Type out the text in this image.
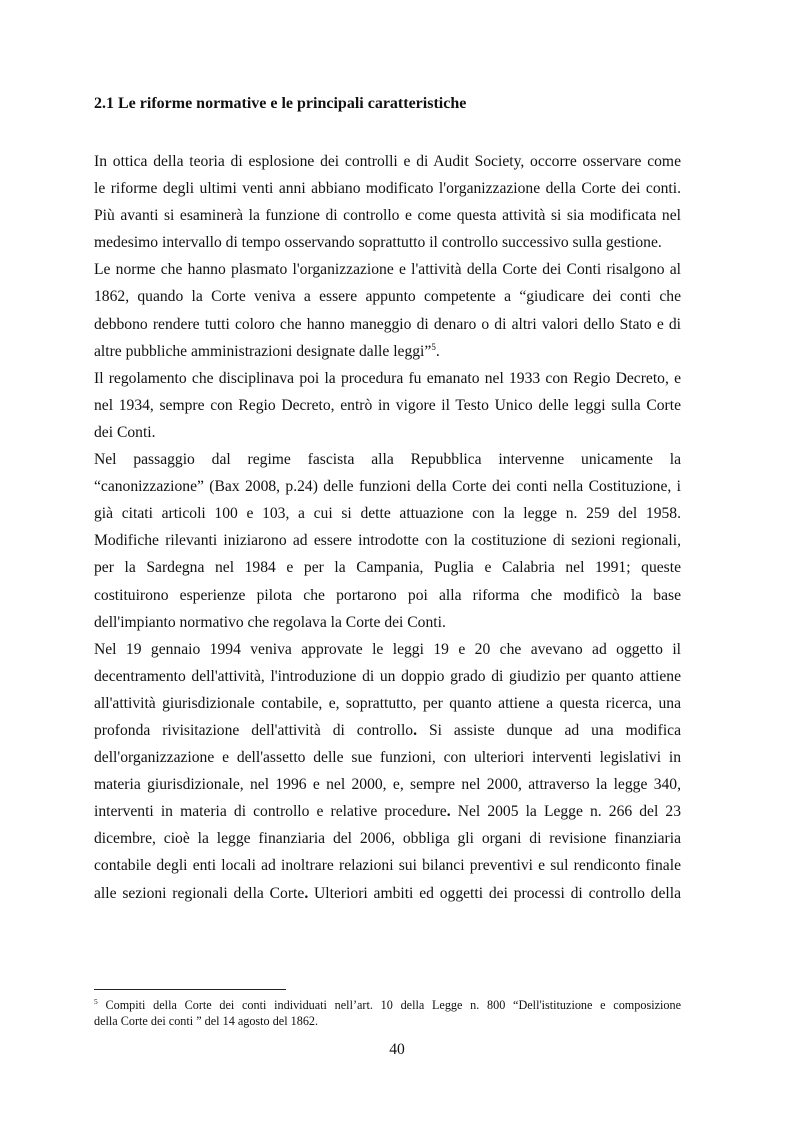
2.1 Le riforme normative e le principali caratteristiche
In ottica della teoria di esplosione dei controlli e di Audit Society, occorre osservare come
le riforme degli ultimi venti anni abbiano modificato l'organizzazione della Corte dei conti.
Più avanti si esaminerà la funzione di controllo e come questa attività si sia modificata nel
medesimo intervallo di tempo osservando soprattutto il controllo successivo sulla gestione.
Le norme che hanno plasmato l'organizzazione e l'attività della Corte dei Conti risalgono al
1862, quando la Corte veniva a essere appunto competente a “giudicare dei conti che
debbono rendere tutti coloro che hanno maneggio di denaro o di altri valori dello Stato e di
altre pubbliche amministrazioni designate dalle leggi”$^5$.
Il regolamento che disciplinava poi la procedura fu emanato nel 1933 con Regio Decreto, e
nel 1934, sempre con Regio Decreto, entrò in vigore il Testo Unico delle leggi sulla Corte
dei Conti.
Nel passaggio dal regime fascista alla Repubblica intervenne unicamente la
“canonizzazione” (Bax 2008, p.24) delle funzioni della Corte dei conti nella Costituzione, i
già citati articoli 100 e 103, a cui si dette attuazione con la legge n. 259 del 1958.
Modifiche rilevanti iniziarono ad essere introdotte con la costituzione di sezioni regionali,
per la Sardegna nel 1984 e per la Campania, Puglia e Calabria nel 1991; queste
costituirono esperienze pilota che portarono poi alla riforma che modificò la base
dell'impianto normativo che regolava la Corte dei Conti.
Nel 19 gennaio 1994 veniva approvate le leggi 19 e 20 che avevano ad oggetto il
decentramento dell'attività, l'introduzione di un doppio grado di giudizio per quanto attiene
all'attività giurisdizionale contabile, e, soprattutto, per quanto attiene a questa ricerca, una
profonda rivisitazione dell'attività di controllo. Si assiste dunque ad una modifica
dell'organizzazione e dell'assetto delle sue funzioni, con ulteriori interventi legislativi in
materia giurisdizionale, nel 1996 e nel 2000, e, sempre nel 2000, attraverso la legge 340,
interventi in materia di controllo e relative procedure. Nel 2005 la Legge n. 266 del 23
dicembre, cioè la legge finanziaria del 2006, obbliga gli organi di revisione finanziaria
contabile degli enti locali ad inoltrare relazioni sui bilanci preventivi e sul rendiconto finale
alle sezioni regionali della Corte. Ulteriori ambiti ed oggetti dei processi di controllo della
$^5$ Compiti della Corte dei conti individuati nell’art. 10 della Legge n. 800 “Dell'istituzione e composizione
della Corte dei conti ” del 14 agosto del 1862.
40
